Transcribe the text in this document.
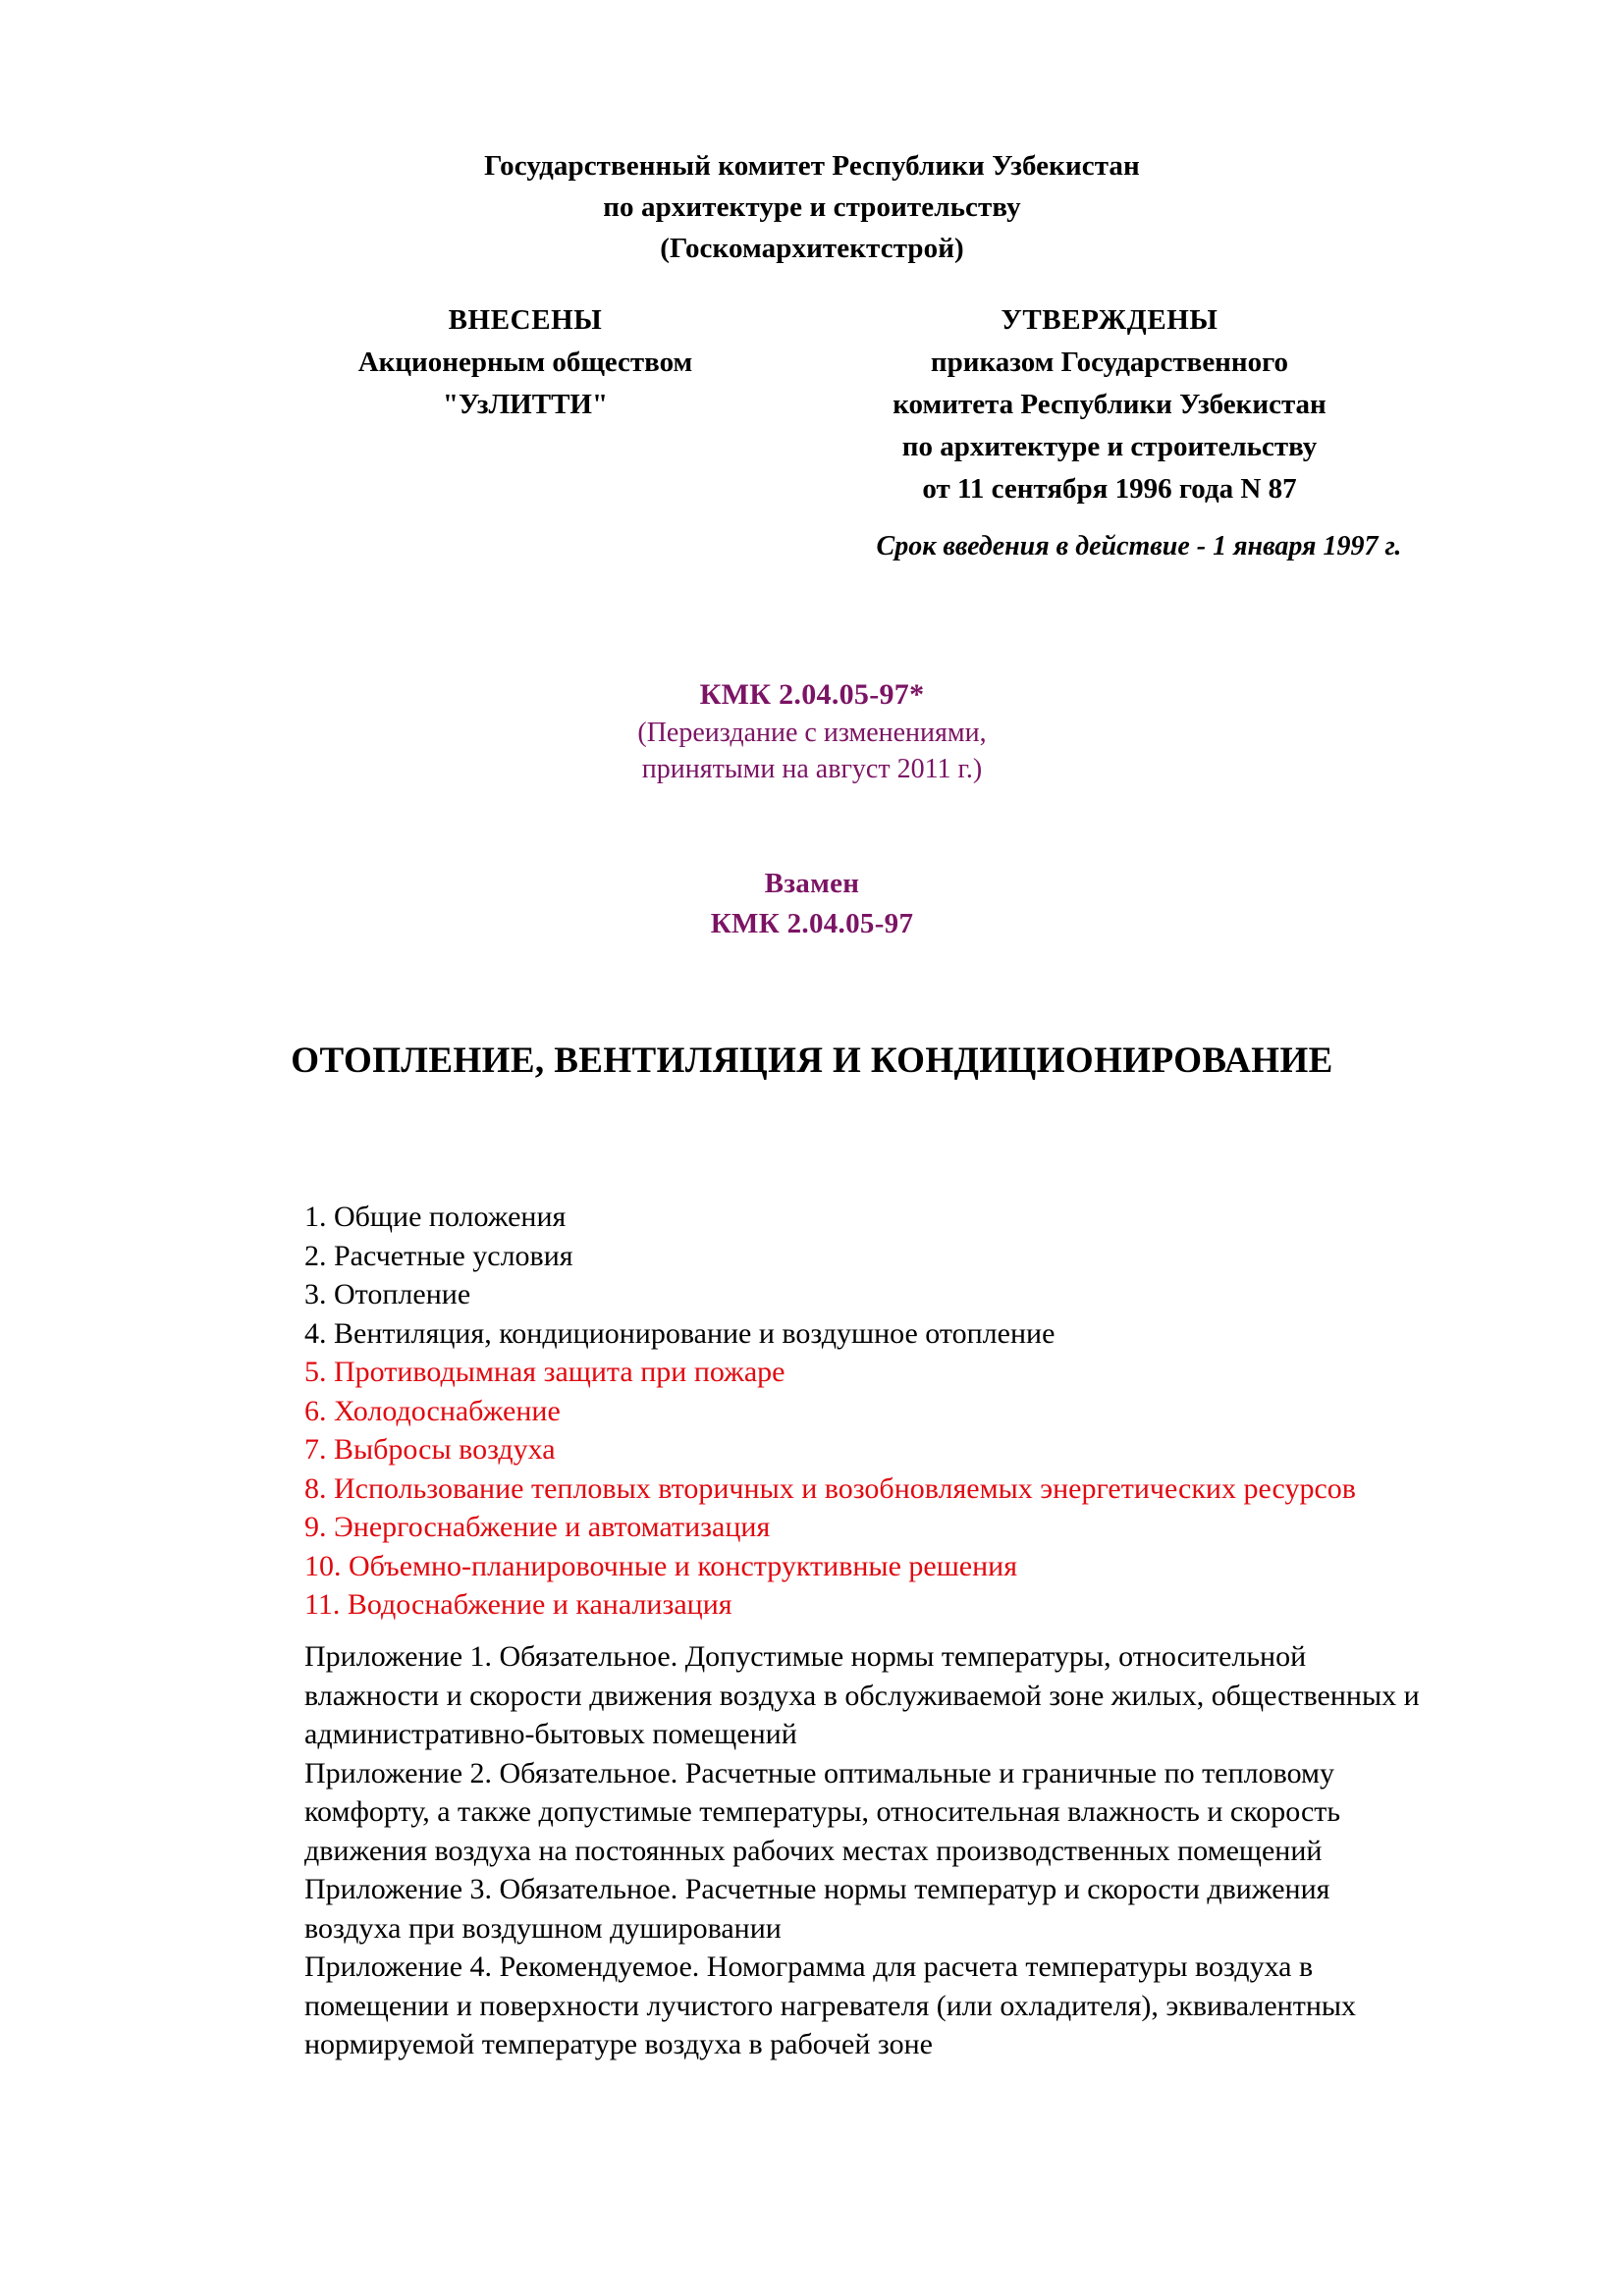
Государственный комитет Республики Узбекистан
по архитектуре и строительству
(Госкомархитектстрой)
ВНЕСЕНЫ
Акционерным обществом
"УзЛИТТИ"
УТВЕРЖДЕНЫ
приказом Государственного
комитета Республики Узбекистан
по архитектуре и строительству
от 11 сентября 1996 года N 87
Срок введения в действие - 1 января 1997 г.
КМК 2.04.05-97*
(Переиздание с изменениями,
принятыми на август 2011 г.)
Взамен
КМК 2.04.05-97
ОТОПЛЕНИЕ, ВЕНТИЛЯЦИЯ И КОНДИЦИОНИРОВАНИЕ
1. Общие положения
2. Расчетные условия
3. Отопление
4. Вентиляция, кондиционирование и воздушное отопление
5. Противодымная защита при пожаре
6. Холодоснабжение
7. Выбросы воздуха
8. Использование тепловых вторичных и возобновляемых энергетических ресурсов
9. Энергоснабжение и автоматизация
10. Объемно-планировочные и конструктивные решения
11. Водоснабжение и канализация
Приложение 1. Обязательное. Допустимые нормы температуры, относительной влажности и скорости движения воздуха в обслуживаемой зоне жилых, общественных и административно-бытовых помещений
Приложение 2. Обязательное. Расчетные оптимальные и граничные по тепловому комфорту, а также допустимые температуры, относительная влажность и скорость движения воздуха на постоянных рабочих местах производственных помещений
Приложение 3. Обязательное. Расчетные нормы температур и скорости движения воздуха при воздушном душировании
Приложение 4. Рекомендуемое. Номограмма для расчета температуры воздуха в помещении и поверхности лучистого нагревателя (или охладителя), эквивалентных нормируемой температуре воздуха в рабочей зоне
